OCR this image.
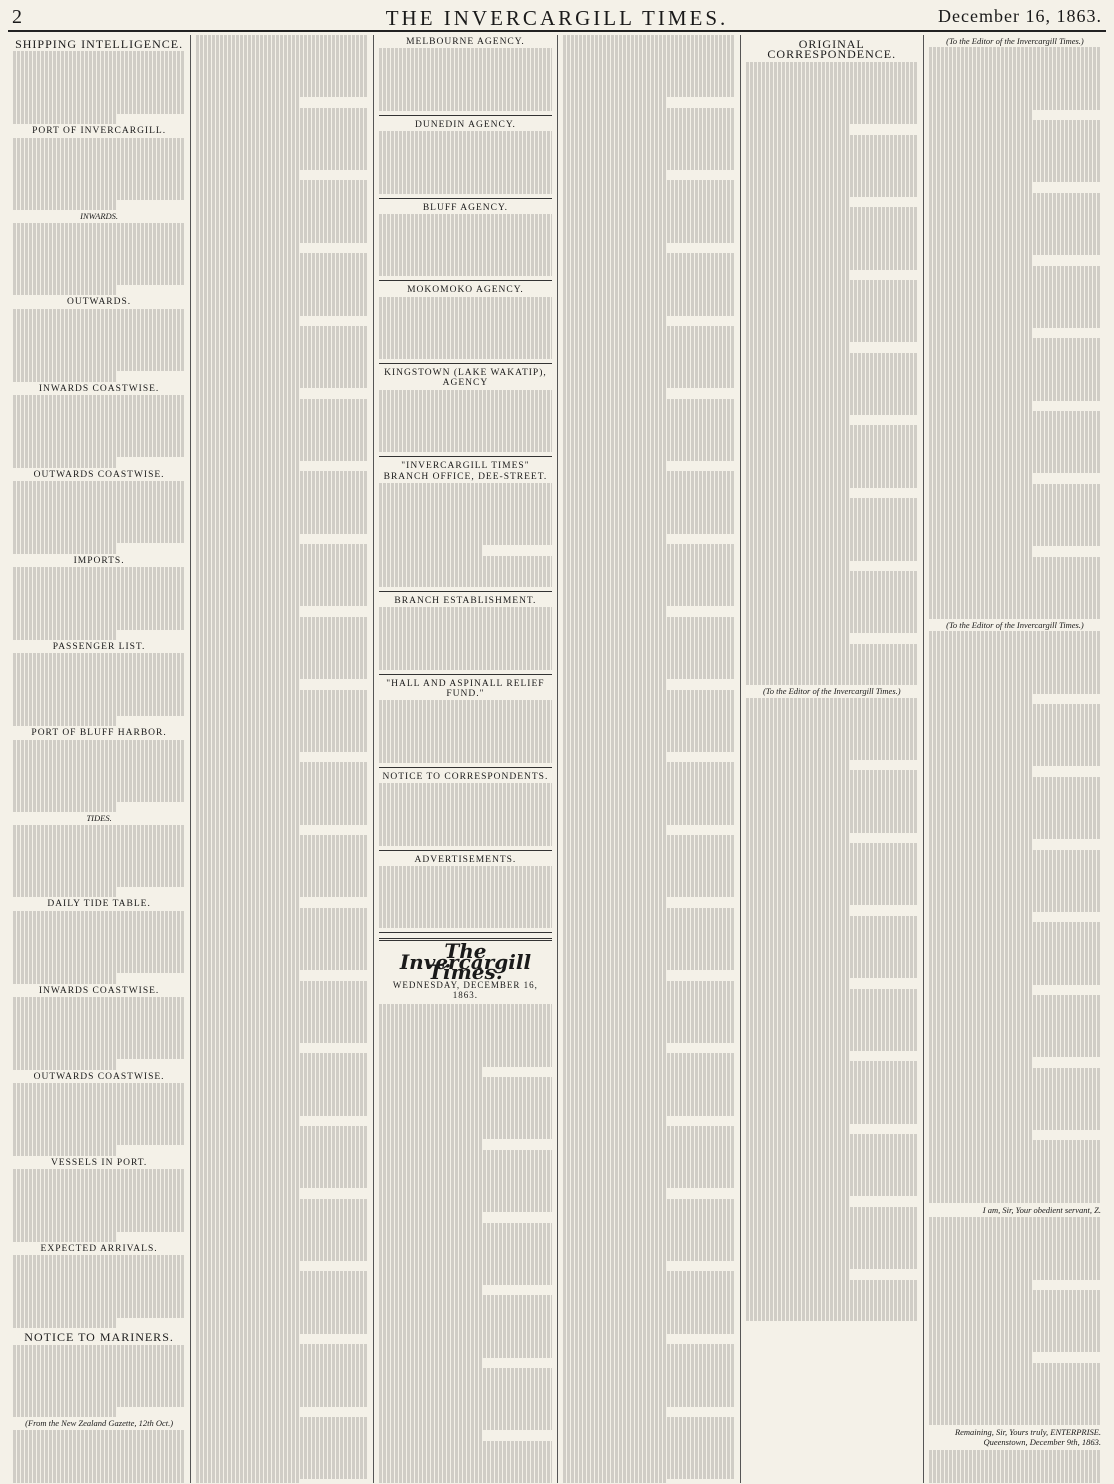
2	THE INVERCARGILL TIMES.	December 16, 1863.
SHIPPING INTELLIGENCE.
PORT OF INVERCARGILL.
INWARDS.
OUTWARDS.
INWARDS COASTWISE.
OUTWARDS COASTWISE.
IMPORTS.
PASSENGER LIST.
PORT OF BLUFF HARBOR.
TIDES.
DAILY TIDE TABLE.
INWARDS COASTWISE.
OUTWARDS COASTWISE.
VESSELS IN PORT.
EXPECTED ARRIVALS.
NOTICE TO MARINERS.
(From the New Zealand Gazette, 12th Oct.)
MELBOURNE AGENCY.
DUNEDIN AGENCY.
BLUFF AGENCY.
MOKOMOKO AGENCY.
KINGSTOWN (LAKE WAKATIP), AGENCY
"INVERCARGILL TIMES" BRANCH OFFICE, DEE-STREET.
BRANCH ESTABLISHMENT.
"HALL AND ASPINALL RELIEF FUND."
NOTICE TO CORRESPONDENTS.
ADVERTISEMENTS.
The Invercargill Times.
WEDNESDAY, DECEMBER 16, 1863.
ORIGINAL CORRESPONDENCE.
(To the Editor of the Invercargill Times.)
(To the Editor of the Invercargill Times.)
(To the Editor of the Invercargill Times.)
I am, Sir, Your obedient servant, Z.
Remaining, Sir, Yours truly, ENTERPRISE. Queenstown, December 9th, 1863.
